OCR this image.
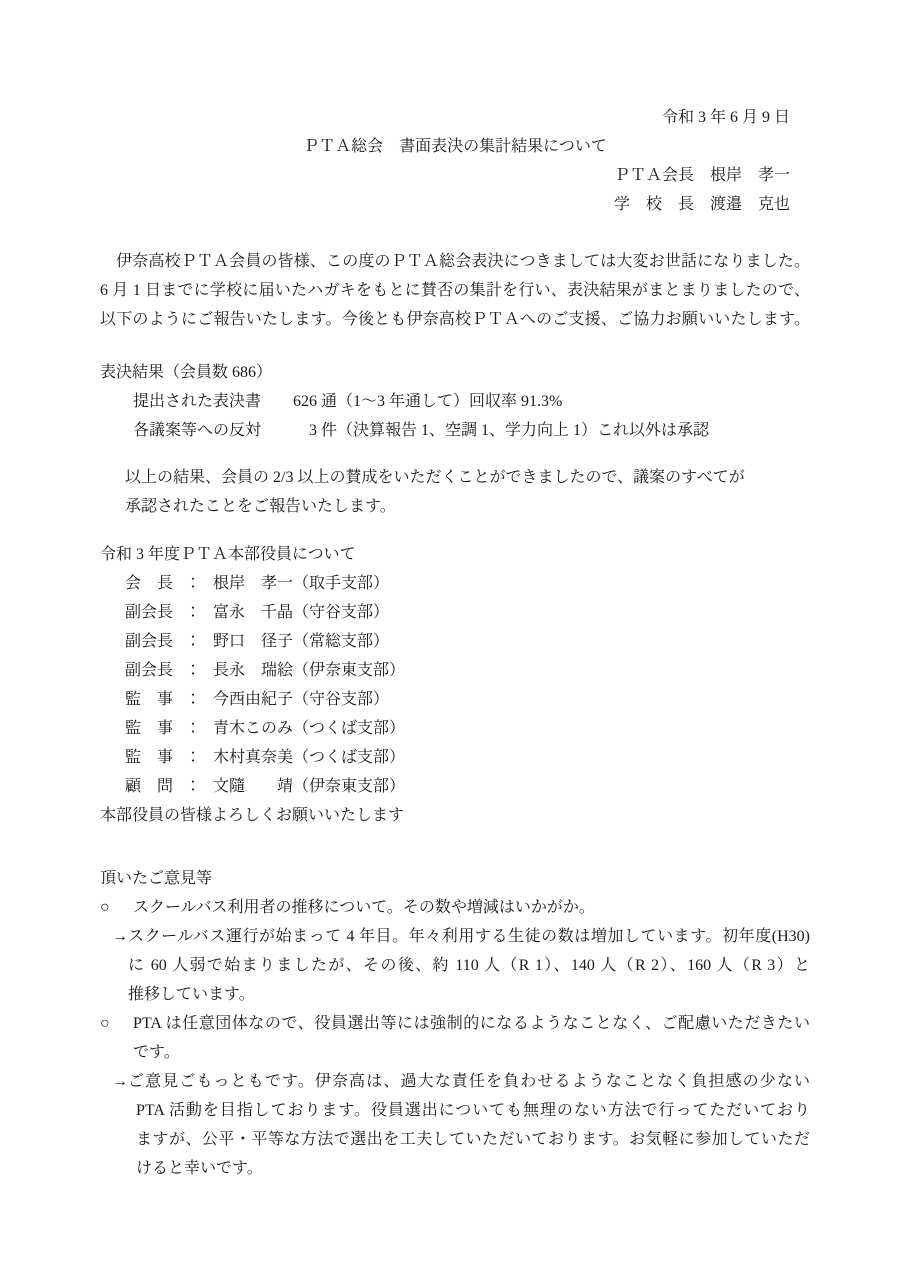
令和 3 年 6 月 9 日
ＰＴＡ総会　書面表決の集計結果について
ＰＴＡ会長　根岸　孝一
学　校　長　渡邉　克也
　伊奈高校ＰＴＡ会員の皆様、この度のＰＴＡ総会表決につきましては大変お世話になりました。
6 月 1 日までに学校に届いたハガキをもとに賛否の集計を行い、表決結果がまとまりましたので、
以下のようにご報告いたします。今後とも伊奈高校ＰＴＡへのご支援、ご協力お願いいたします。
表決結果（会員数 686）
提出された表決書　　626 通（1～3 年通して）回収率 91.3%
各議案等への反対　　　3 件（決算報告 1、空調 1、学力向上 1）これ以外は承認
以上の結果、会員の 2/3 以上の賛成をいただくことができましたので、議案のすべてが
承認されたことをご報告いたします。
令和 3 年度ＰＴＡ本部役員について
会　長　：　根岸　孝一（取手支部）
副会長　：　富永　千晶（守谷支部）
副会長　：　野口　径子（常総支部）
副会長　：　長永　瑞絵（伊奈東支部）
監　事　：　今西由紀子（守谷支部）
監　事　：　青木このみ（つくば支部）
監　事　：　木村真奈美（つくば支部）
顧　問　：　文隨　　靖（伊奈東支部）
本部役員の皆様よろしくお願いいたします
頂いたご意見等
○	スクールバス利用者の推移について。その数や増減はいかがか。
→ スクールバス運行が始まって 4 年目。年々利用する生徒の数は増加しています。初年度(H30)
に 60 人弱で始まりましたが、その後、約 110 人（R 1）、140 人（R 2）、160 人（R 3）と
推移しています。
○	PTA は任意団体なので、役員選出等には強制的になるようなことなく、ご配慮いただきたい
です。
→ ご意見ごもっともです。伊奈高は、過大な責任を負わせるようなことなく負担感の少ない
PTA 活動を目指しております。役員選出についても無理のない方法で行ってただいており
ますが、公平・平等な方法で選出を工夫していただいております。お気軽に参加していただ
けると幸いです。
